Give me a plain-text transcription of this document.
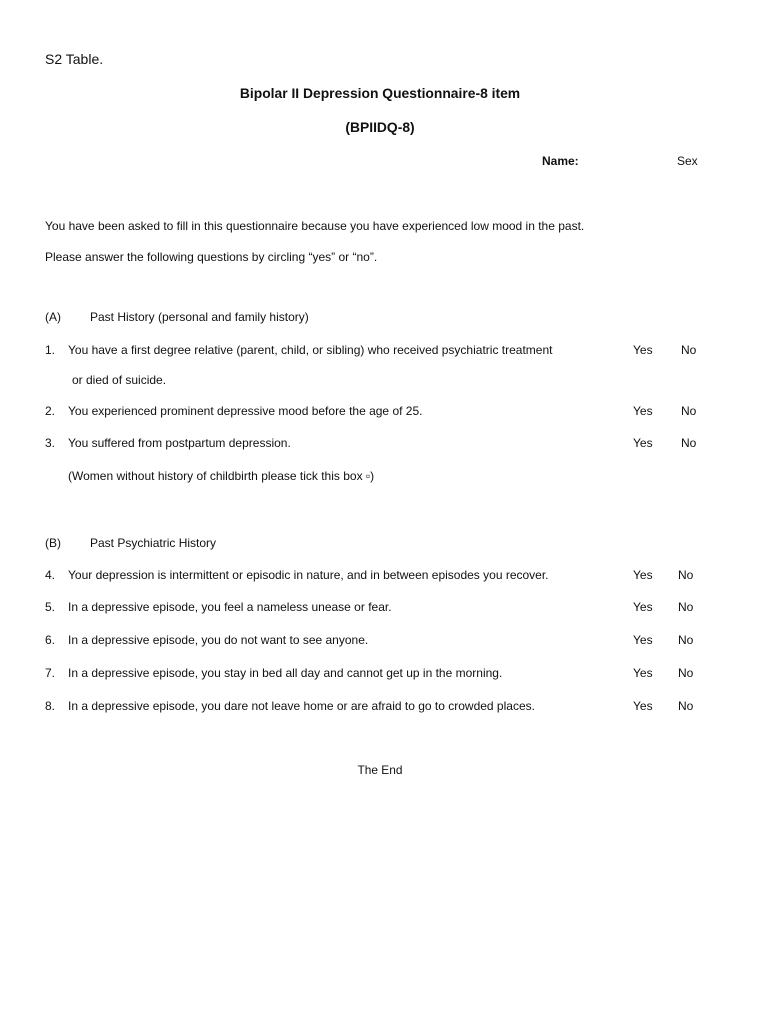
S2 Table.
Bipolar II Depression Questionnaire-8 item
(BPIIDQ-8)
Name:	Sex
You have been asked to fill in this questionnaire because you have experienced low mood in the past.
Please answer the following questions by circling “yes” or “no”.
(A) Past History (personal and family history)
1. You have a first degree relative (parent, child, or sibling) who received psychiatric treatment	Yes No
or died of suicide.
2. You experienced prominent depressive mood before the age of 25.	Yes No
3. You suffered from postpartum depression.	Yes No
(Women without history of childbirth please tick this box ▫)
(B) Past Psychiatric History
4. Your depression is intermittent or episodic in nature, and in between episodes you recover.	Yes No
5. In a depressive episode, you feel a nameless unease or fear.	Yes No
6. In a depressive episode, you do not want to see anyone.	Yes No
7. In a depressive episode, you stay in bed all day and cannot get up in the morning.	Yes No
8. In a depressive episode, you dare not leave home or are afraid to go to crowded places.	Yes No
The End
